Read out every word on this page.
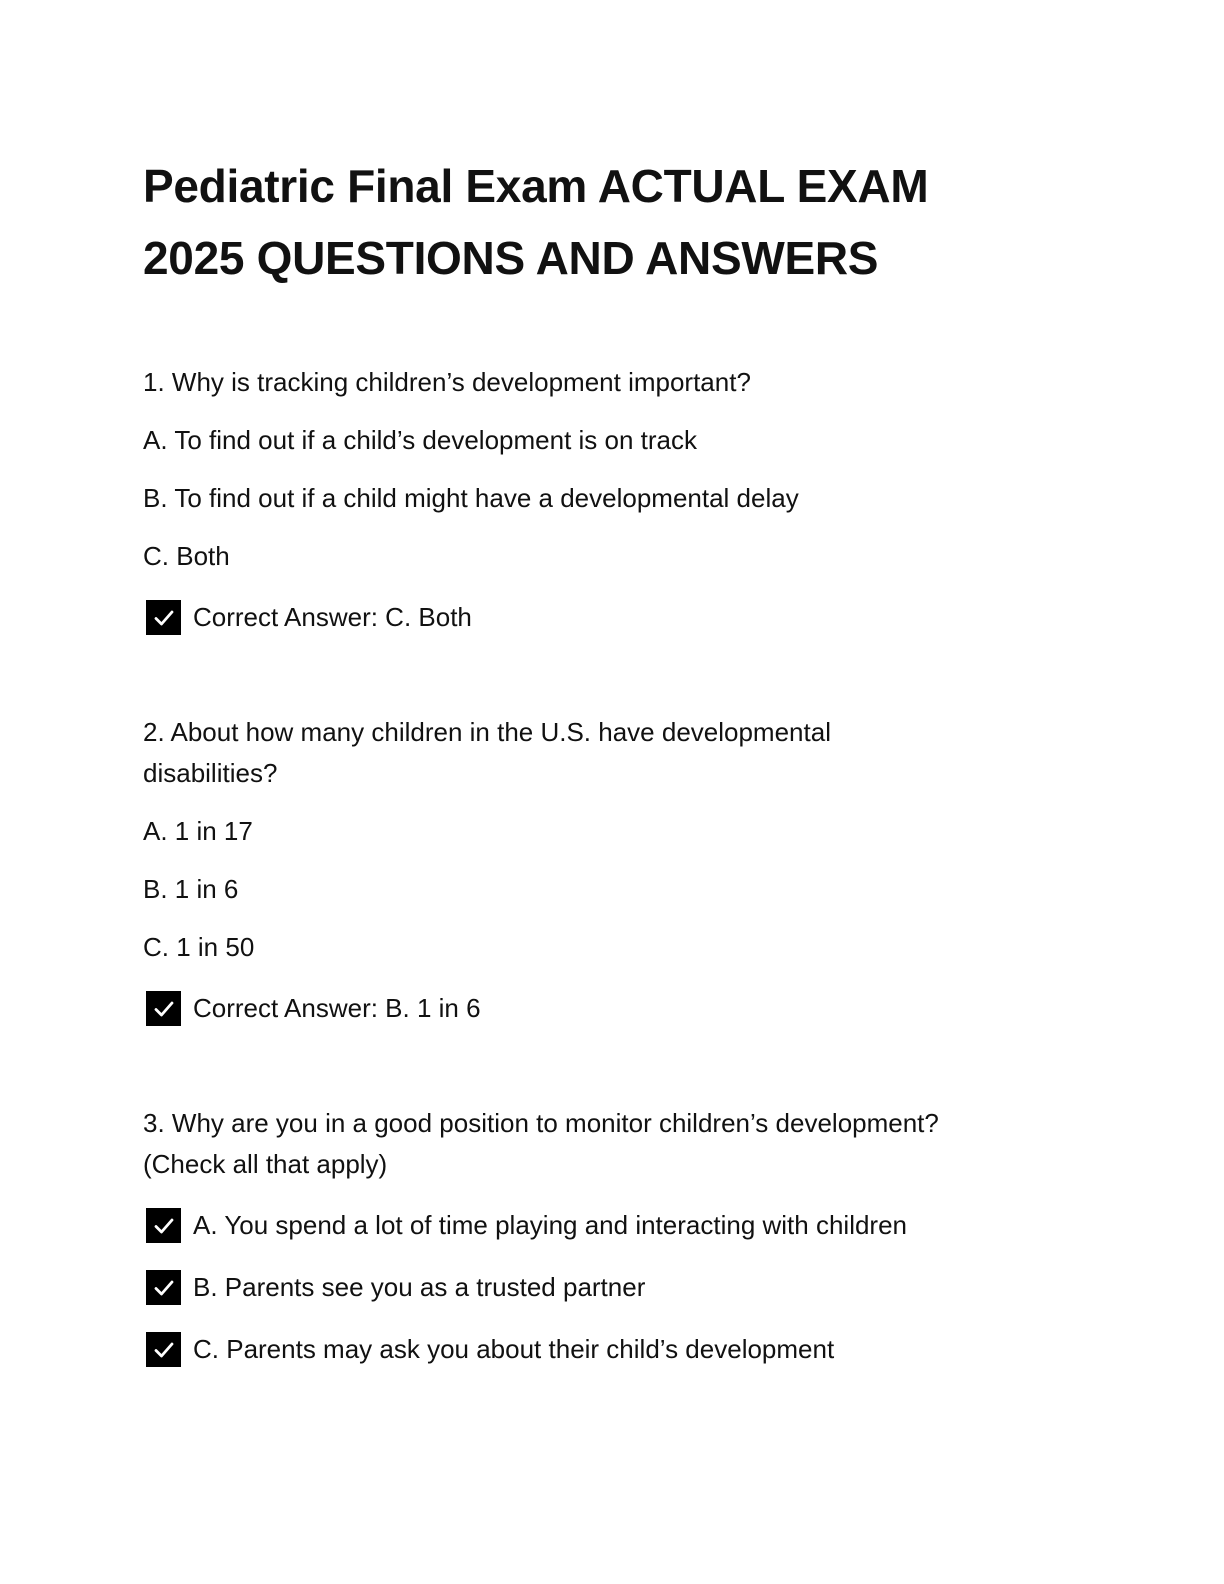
Pediatric Final Exam ACTUAL EXAM
2025 QUESTIONS AND ANSWERS

1. Why is tracking children’s development important?

A. To find out if a child’s development is on track

B. To find out if a child might have a developmental delay

C. Both

Correct Answer: C. Both

2. About how many children in the U.S. have developmental
disabilities?

A. 1 in 17

B. 1 in 6

C. 1 in 50

Correct Answer: B. 1 in 6

3. Why are you in a good position to monitor children’s development?
(Check all that apply)

A. You spend a lot of time playing and interacting with children
B. Parents see you as a trusted partner
C. Parents may ask you about their child’s development
